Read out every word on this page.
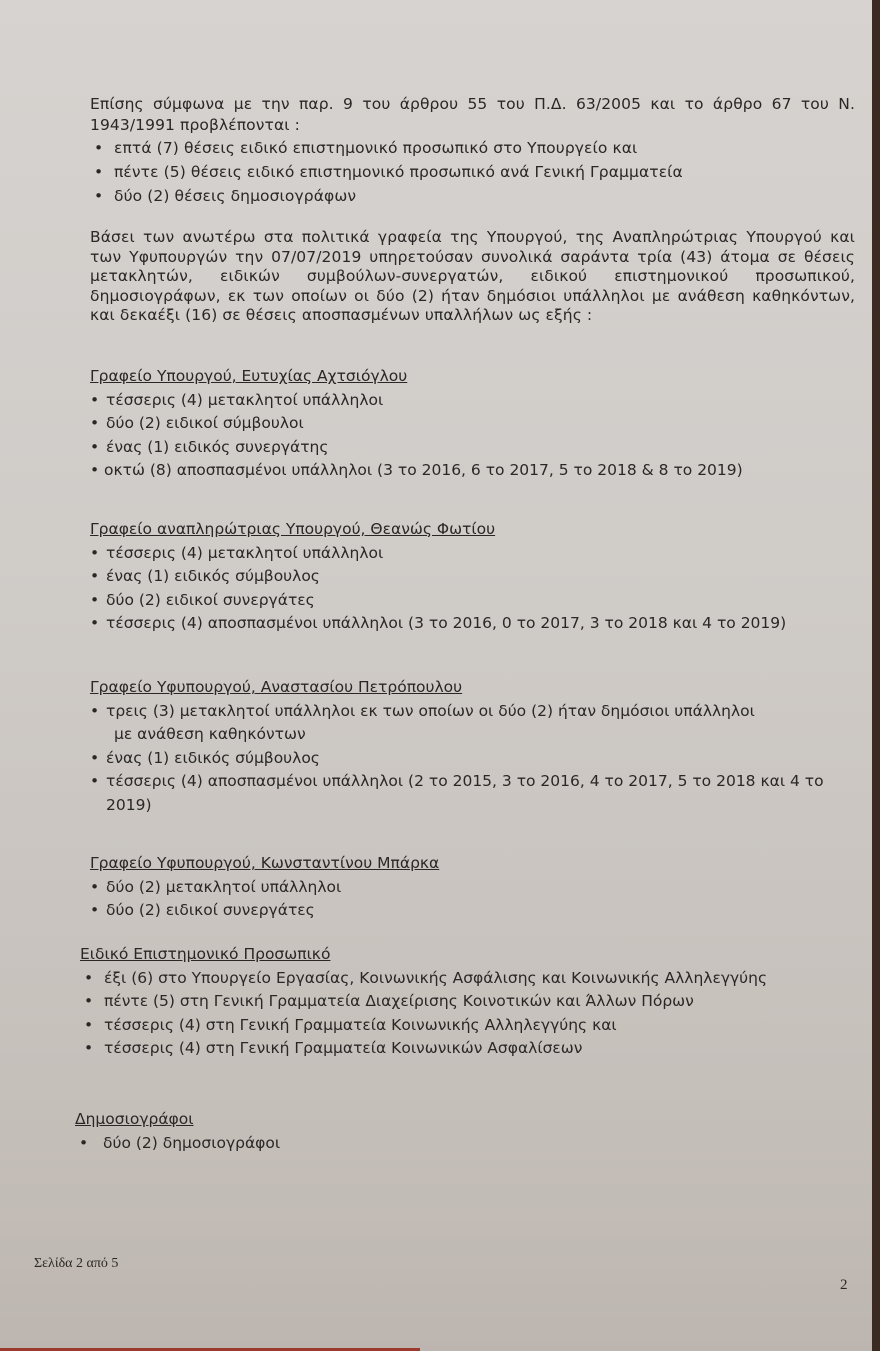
Επίσης σύμφωνα με την παρ. 9 του άρθρου 55 του Π.Δ. 63/2005 και το άρθρο 67 του Ν. 1943/1991 προβλέπονται :
• επτά (7) θέσεις ειδικό επιστημονικό προσωπικό στο Υπουργείο και
• πέντε (5) θέσεις ειδικό επιστημονικό προσωπικό ανά Γενική Γραμματεία
• δύο (2) θέσεις δημοσιογράφων
Βάσει των ανωτέρω στα πολιτικά γραφεία της Υπουργού, της Αναπληρώτριας Υπουργού και των Υφυπουργών την 07/07/2019 υπηρετούσαν συνολικά σαράντα τρία (43) άτομα σε θέσεις μετακλητών, ειδικών συμβούλων-συνεργατών, ειδικού επιστημονικού προσωπικού, δημοσιογράφων, εκ των οποίων οι δύο (2) ήταν δημόσιοι υπάλληλοι με ανάθεση καθηκόντων, και δεκαέξι (16) σε θέσεις αποσπασμένων υπαλλήλων ως εξής :
Γραφείο Υπουργού, Ευτυχίας Αχτσιόγλου
• τέσσερις (4) μετακλητοί υπάλληλοι
• δύο (2) ειδικοί σύμβουλοι
• ένας (1) ειδικός συνεργάτης
• οκτώ (8) αποσπασμένοι υπάλληλοι (3 το 2016, 6 το 2017, 5 το 2018 & 8 το 2019)
Γραφείο αναπληρώτριας Υπουργού, Θεανώς Φωτίου
• τέσσερις (4) μετακλητοί υπάλληλοι
• ένας (1) ειδικός σύμβουλος
• δύο (2) ειδικοί συνεργάτες
• τέσσερις (4) αποσπασμένοι υπάλληλοι (3 το 2016, 0 το 2017, 3 το 2018 και 4 το 2019)
Γραφείο Υφυπουργού, Αναστασίου Πετρόπουλου
• τρεις (3) μετακλητοί υπάλληλοι εκ των οποίων οι δύο (2) ήταν δημόσιοι υπάλληλοι
με ανάθεση καθηκόντων
• ένας (1) ειδικός σύμβουλος
• τέσσερις (4) αποσπασμένοι υπάλληλοι (2 το 2015, 3 το 2016, 4 το 2017, 5 το 2018 και 4 το 2019)
Γραφείο Υφυπουργού, Κωνσταντίνου Μπάρκα
• δύο (2) μετακλητοί υπάλληλοι
• δύο (2) ειδικοί συνεργάτες
Ειδικό Επιστημονικό Προσωπικό
• έξι (6) στο Υπουργείο Εργασίας, Κοινωνικής Ασφάλισης και Κοινωνικής Αλληλεγγύης
• πέντε (5) στη Γενική Γραμματεία Διαχείρισης Κοινοτικών και Άλλων Πόρων
• τέσσερις (4) στη Γενική Γραμματεία Κοινωνικής Αλληλεγγύης και
• τέσσερις (4) στη Γενική Γραμματεία Κοινωνικών Ασφαλίσεων
Δημοσιογράφοι
• δύο (2) δημοσιογράφοι
Σελίδα 2 από 5
2
